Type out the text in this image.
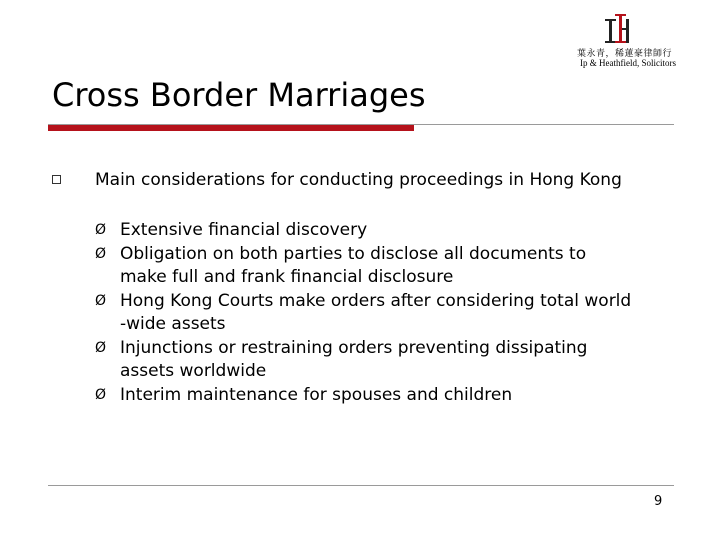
葉永青，稀蓮豪律師行
Ip & Heathfield, Solicitors
Cross Border Marriages
Main considerations for conducting proceedings in Hong Kong
Ø Extensive financial discovery
Ø Obligation on both parties to disclose all documents to
make full and frank financial disclosure
Ø Hong Kong Courts make orders after considering total world
-wide assets
Ø Injunctions or restraining orders preventing dissipating
assets worldwide
Ø Interim maintenance for spouses and children
9
